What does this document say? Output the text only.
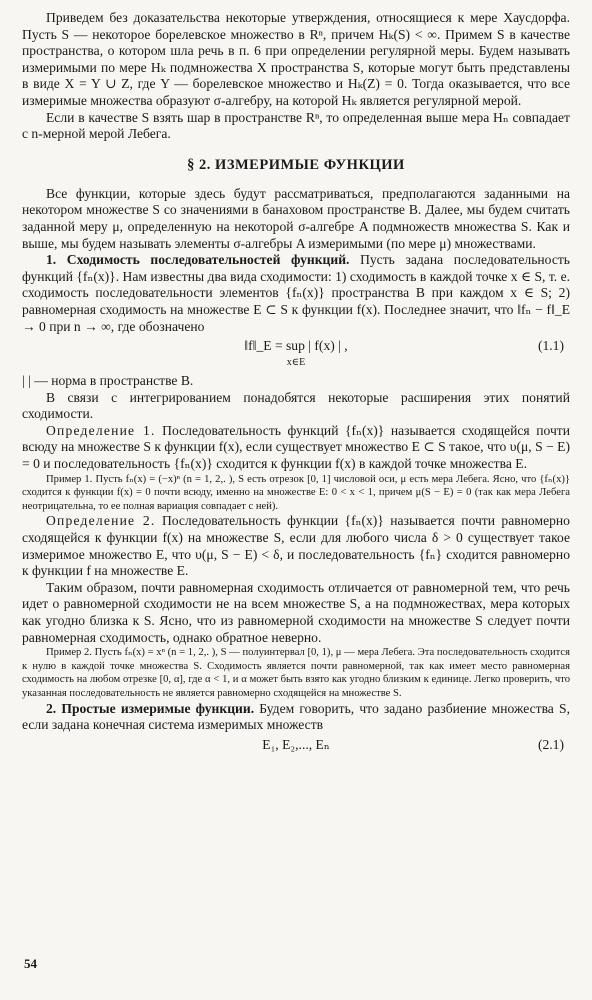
Приведем без доказательства некоторые утверждения, относящиеся к мере Хаусдорфа. Пусть S — некоторое борелевское множество в Rⁿ, причем Hₖ(S) < ∞. Примем S в качестве пространства, о котором шла речь в п. 6 при определении регулярной меры. Будем называть измеримыми по мере Hₖ подмножества X пространства S, которые могут быть представлены в виде X = Y ∪ Z, где Y — борелевское множество и Hₖ(Z) = 0. Тогда оказывается, что все измеримые множества образуют σ-алгебру, на которой Hₖ является регулярной мерой.

Если в качестве S взять шар в пространстве Rⁿ, то определенная выше мера Hₙ совпадает с n-мерной мерой Лебега.

§ 2. ИЗМЕРИМЫЕ ФУНКЦИИ

Все функции, которые здесь будут рассматриваться, предполагаются заданными на некотором множестве S со значениями в банаховом пространстве B. Далее, мы будем считать заданной меру μ, определенную на некоторой σ-алгебре A подмножеств множества S. Как и выше, мы будем называть элементы σ-алгебры A измеримыми (по мере μ) множествами.

1. Сходимость последовательностей функций. Пусть задана последовательность функций {fₙ(x)}. Нам известны два вида сходимости: 1) сходимость в каждой точке x ∈ S, т. е. сходимость последовательности элементов {fₙ(x)} пространства B при каждом x ∈ S; 2) равномерная сходимость на множестве E ⊂ S к функции f(x). Последнее значит, что ‖fₙ − f‖_E → 0 при n → ∞, где обозначено

‖f‖_E = sup | f(x) | ,
x∈E
(1.1)

| | — норма в пространстве B.

В связи с интегрированием понадобятся некоторые расширения этих понятий сходимости.

Определение 1. Последовательность функций {fₙ(x)} называется сходящейся почти всюду на множестве S к функции f(x), если существует множество E ⊂ S такое, что υ(μ, S − E) = 0 и последовательность {fₙ(x)} сходится к функции f(x) в каждой точке множества E.

Пример 1. Пусть fₙ(x) = (−x)ⁿ (n = 1, 2,. ), S есть отрезок [0, 1] числовой оси, μ есть мера Лебега. Ясно, что {fₙ(x)} сходится к функции f(x) = 0 почти всюду, именно на множестве E: 0 < x < 1, причем μ(S − E) = 0 (так как мера Лебега неотрицательна, то ее полная вариация совпадает с ней).

Определение 2. Последовательность функции {fₙ(x)} называется почти равномерно сходящейся к функции f(x) на множестве S, если для любого числа δ > 0 существует такое измеримое множество E, что υ(μ, S − E) < δ, и последовательность {fₙ} сходится равномерно к функции f на множестве E.

Таким образом, почти равномерная сходимость отличается от равномерной тем, что речь идет о равномерной сходимости не на всем множестве S, а на подмножествах, мера которых как угодно близка к S. Ясно, что из равномерной сходимости на множестве S следует почти равномерная сходимость, однако обратное неверно.

Пример 2. Пусть fₙ(x) = xⁿ (n = 1, 2,. ), S — полуинтервал [0, 1), μ — мера Лебега. Эта последовательность сходится к нулю в каждой точке множества S. Сходимость является почти равномерной, так как имеет место равномерная сходимость на любом отрезке [0, α], где α < 1, и α может быть взято как угодно близким к единице. Легко проверить, что указанная последовательность не является равномерно сходящейся на множестве S.

2. Простые измеримые функции. Будем говорить, что задано разбиение множества S, если задана конечная система измеримых множеств

E₁, E₂,..., Eₙ	(2.1)
54
